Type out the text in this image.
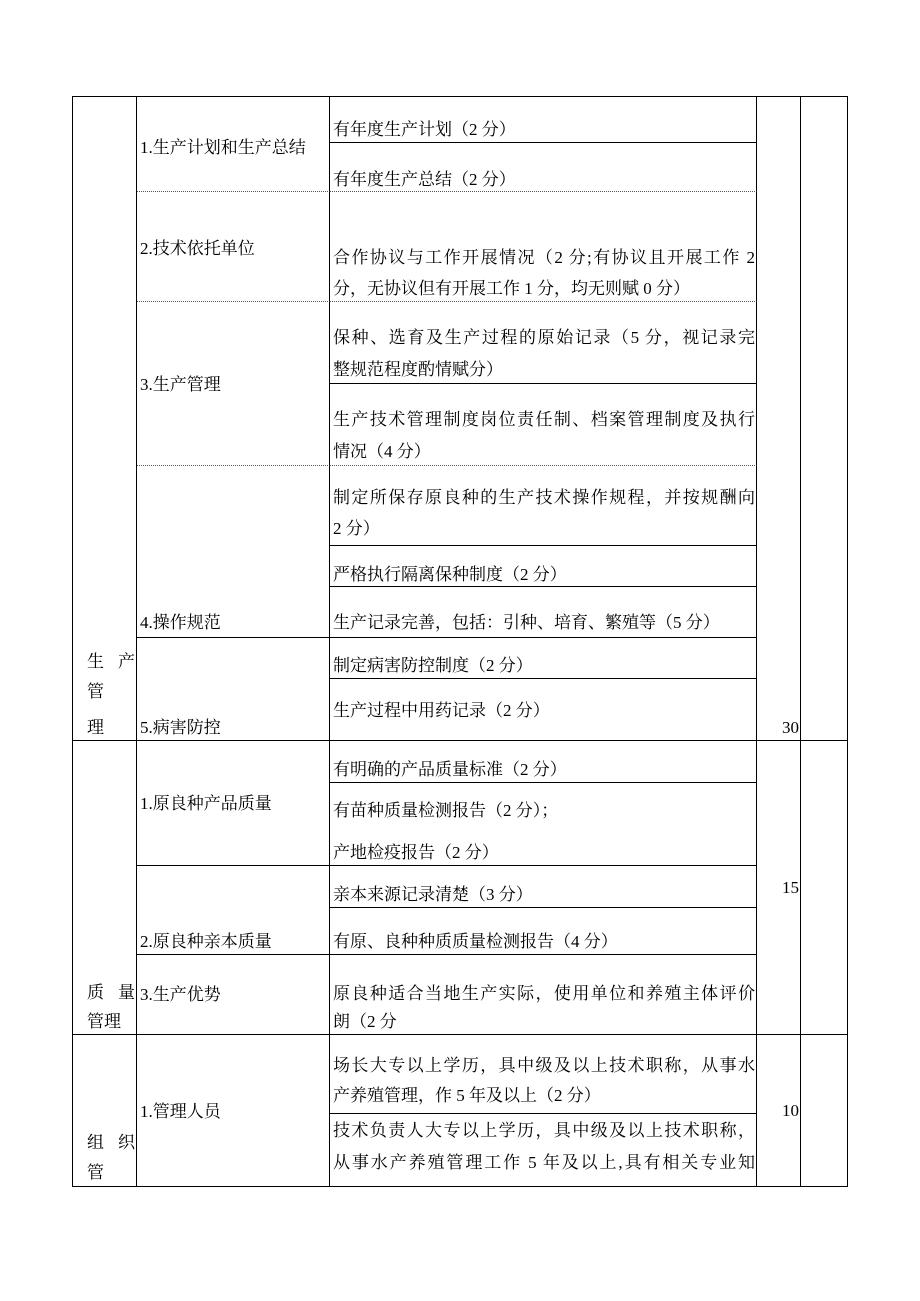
生产
管
理
1.生产计划和生产总结
2.技术依托单位
3.生产管理
4.操作规范
5.病害防控
有年度生产计划（2 分）
有年度生产总结（2 分）
合作协议与工作开展情况（2 分;有协议且开展工作 2
分，无协议但有开展工作 1 分，均无则赋 0 分）
保种、选育及生产过程的原始记录（5 分，视记录完
整规范程度酌情赋分）
生产技术管理制度岗位责任制、档案管理制度及执行
情况（4 分）
制定所保存原良种的生产技术操作规程，并按规酬向
2 分）
严格执行隔离保种制度（2 分）
生产记录完善，包括：引种、培育、繁殖等（5 分）
制定病害防控制度（2 分）
生产过程中用药记录（2 分）
30
质量
管理
1.原良种产品质量
2.原良种亲本质量
3.生产优势
有明确的产品质量标准（2 分）
有苗种质量检测报告（2 分）；
产地检疫报告（2 分）
亲本来源记录清楚（3 分）
有原、良种种质质量检测报告（4 分）
原良种适合当地生产实际，使用单位和养殖主体评价
朗（2 分
15
组织
管
1.管理人员
场长大专以上学历，具中级及以上技术职称，从事水
产养殖管理，作 5 年及以上（2 分）
技术负责人大专以上学历，具中级及以上技术职称，
从事水产养殖管理工作 5 年及以上,具有相关专业知
10
